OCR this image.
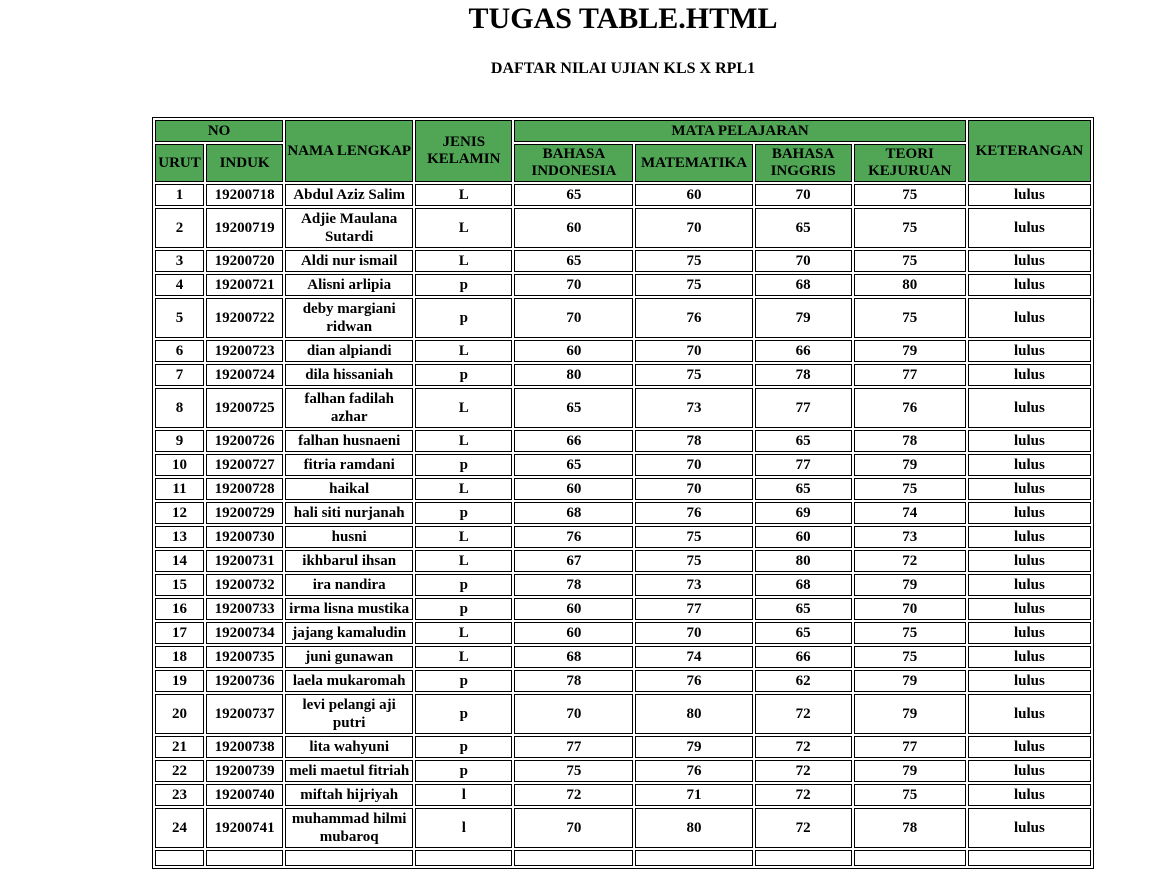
TUGAS TABLE.HTML
DAFTAR NILAI UJIAN KLS X RPL1
NO		NAMA LENGKAP	JENIS KELAMIN	MATA PELAJARAN				KETERANGAN
URUT	INDUK			BAHASA INDONESIA	MATEMATIKA	BAHASA INGGRIS	TEORI KEJURUAN	
1	19200718	Abdul Aziz Salim	L	65	60	70	75	lulus
2	19200719	Adjie Maulana Sutardi	L	60	70	65	75	lulus
3	19200720	Aldi nur ismail	L	65	75	70	75	lulus
4	19200721	Alisni arlipia	p	70	75	68	80	lulus
5	19200722	deby margiani ridwan	p	70	76	79	75	lulus
6	19200723	dian alpiandi	L	60	70	66	79	lulus
7	19200724	dila hissaniah	p	80	75	78	77	lulus
8	19200725	falhan fadilah azhar	L	65	73	77	76	lulus
9	19200726	falhan husnaeni	L	66	78	65	78	lulus
10	19200727	fitria ramdani	p	65	70	77	79	lulus
11	19200728	haikal	L	60	70	65	75	lulus
12	19200729	hali siti nurjanah	p	68	76	69	74	lulus
13	19200730	husni	L	76	75	60	73	lulus
14	19200731	ikhbarul ihsan	L	67	75	80	72	lulus
15	19200732	ira nandira	p	78	73	68	79	lulus
16	19200733	irma lisna mustika	p	60	77	65	70	lulus
17	19200734	jajang kamaludin	L	60	70	65	75	lulus
18	19200735	juni gunawan	L	68	74	66	75	lulus
19	19200736	laela mukaromah	p	78	76	62	79	lulus
20	19200737	levi pelangi aji putri	p	70	80	72	79	lulus
21	19200738	lita wahyuni	p	77	79	72	77	lulus
22	19200739	meli maetul fitriah	p	75	76	72	79	lulus
23	19200740	miftah hijriyah	l	72	71	72	75	lulus
24	19200741	muhammad hilmi mubaroq	l	70	80	72	78	lulus
